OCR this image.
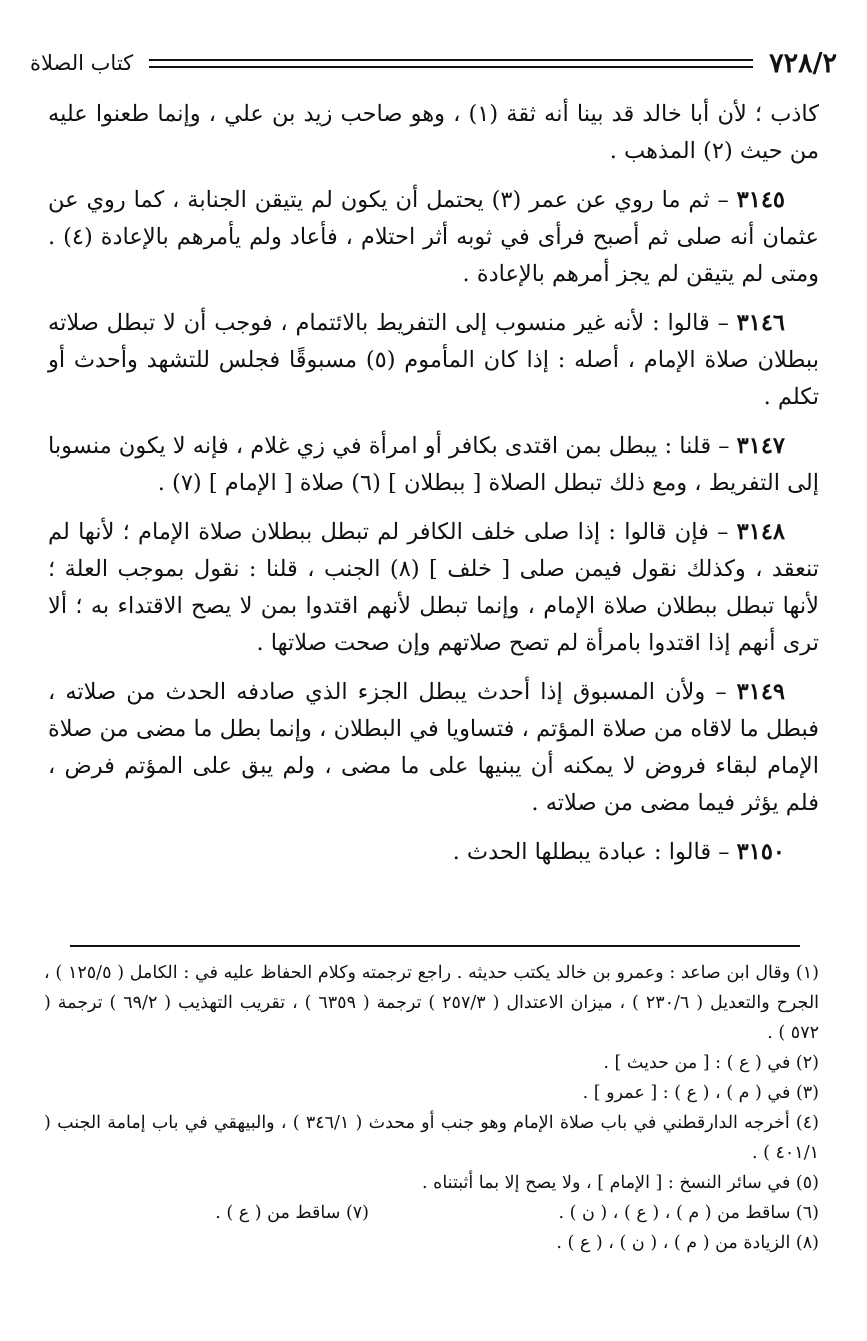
٧٢٨/٢
كتاب الصلاة

كاذب ؛ لأن أبا خالد قد بينا أنه ثقة (١) ، وهو صاحب زيد بن علي ، وإنما طعنوا عليه من حيث (٢) المذهب .

٣١٤٥ – ثم ما روي عن عمر (٣) يحتمل أن يكون لم يتيقن الجنابة ، كما روي عن عثمان أنه صلى ثم أصبح فرأى في ثوبه أثر احتلام ، فأعاد ولم يأمرهم بالإعادة (٤) . ومتى لم يتيقن لم يجز أمرهم بالإعادة .

٣١٤٦ – قالوا : لأنه غير منسوب إلى التفريط بالائتمام ، فوجب أن لا تبطل صلاته ببطلان صلاة الإمام ، أصله : إذا كان المأموم (٥) مسبوقًا فجلس للتشهد وأحدث أو تكلم .

٣١٤٧ – قلنا : يبطل بمن اقتدى بكافر أو امرأة في زي غلام ، فإنه لا يكون منسوبا إلى التفريط ، ومع ذلك تبطل الصلاة [ ببطلان ] (٦) صلاة [ الإمام ] (٧) .

٣١٤٨ – فإن قالوا : إذا صلى خلف الكافر لم تبطل ببطلان صلاة الإمام ؛ لأنها لم تنعقد ، وكذلك نقول فيمن صلى [ خلف ] (٨) الجنب ، قلنا : نقول بموجب العلة ؛ لأنها تبطل ببطلان صلاة الإمام ، وإنما تبطل لأنهم اقتدوا بمن لا يصح الاقتداء به ؛ ألا ترى أنهم إذا اقتدوا بامرأة لم تصح صلاتهم وإن صحت صلاتها .

٣١٤٩ – ولأن المسبوق إذا أحدث يبطل الجزء الذي صادفه الحدث من صلاته ، فبطل ما لاقاه من صلاة المؤتم ، فتساويا في البطلان ، وإنما بطل ما مضى من صلاة الإمام لبقاء فروض لا يمكنه أن يبنيها على ما مضى ، ولم يبق على المؤتم فرض ، فلم يؤثر فيما مضى من صلاته .

٣١٥٠ – قالوا : عبادة يبطلها الحدث .

(١) وقال ابن صاعد : وعمرو بن خالد يكتب حديثه . راجع ترجمته وكلام الحفاظ عليه في : الكامل ( ١٢٥/٥ ) ، الجرح والتعديل ( ٢٣٠/٦ ) ، ميزان الاعتدال ( ٢٥٧/٣ ) ترجمة ( ٦٣٥٩ ) ، تقريب التهذيب ( ٦٩/٢ ) ترجمة ( ٥٧٢ ) .

(٢) في ( ع ) : [ من حديث ] .

(٣) في ( م ) ، ( ع ) : [ عمرو ] .

(٤) أخرجه الدارقطني في باب صلاة الإمام وهو جنب أو محدث ( ٣٤٦/١ ) ، والبيهقي في باب إمامة الجنب ( ٤٠١/١ ) .

(٥) في سائر النسخ : [ الإمام ] ، ولا يصح إلا بما أثبتناه .

(٦) ساقط من ( م ) ، ( ع ) ، ( ن ) .
(٧) ساقط من ( ع ) .

(٨) الزيادة من ( م ) ، ( ن ) ، ( ع ) .
